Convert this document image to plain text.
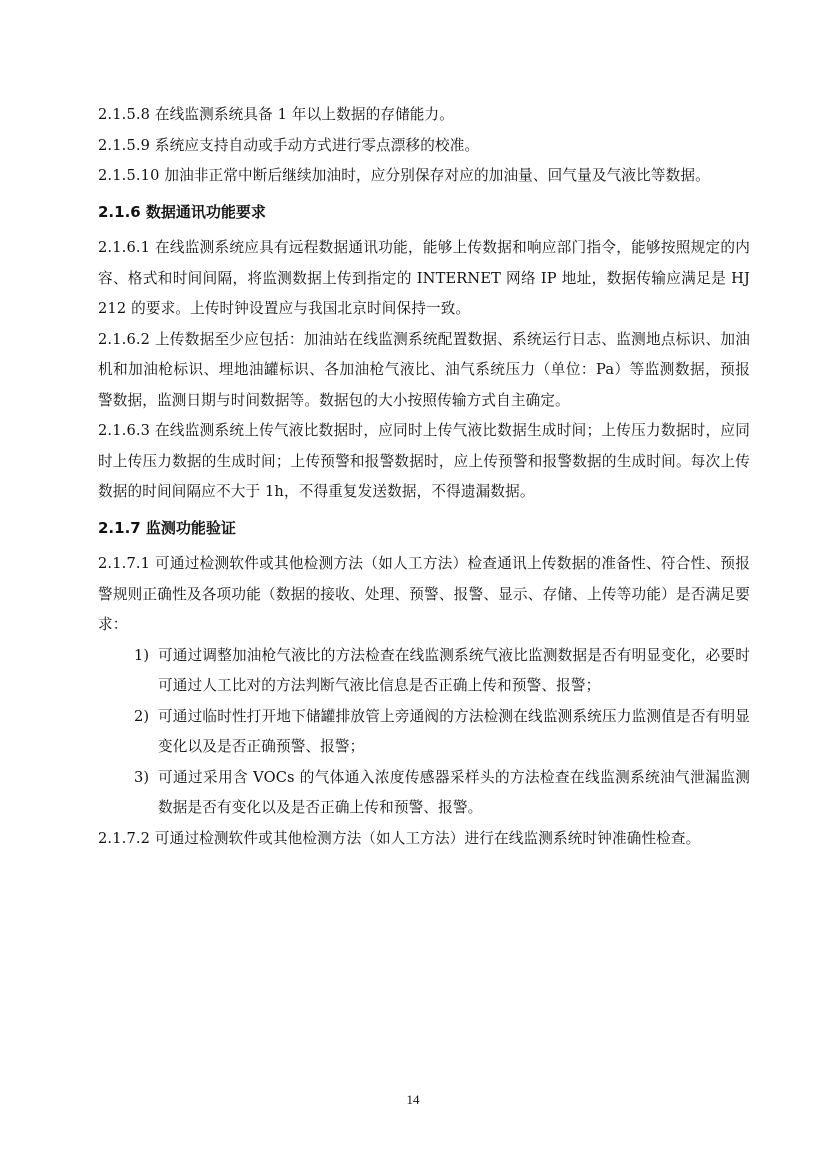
2.1.5.8 在线监测系统具备 1 年以上数据的存储能力。

2.1.5.9 系统应支持自动或手动方式进行零点漂移的校准。

2.1.5.10 加油非正常中断后继续加油时，应分别保存对应的加油量、回气量及气液比等数据。

2.1.6 数据通讯功能要求

2.1.6.1 在线监测系统应具有远程数据通讯功能，能够上传数据和响应部门指令，能够按照规定的内容、格式和时间间隔，将监测数据上传到指定的 INTERNET 网络 IP 地址，数据传输应满足是 HJ 212 的要求。上传时钟设置应与我国北京时间保持一致。

2.1.6.2 上传数据至少应包括：加油站在线监测系统配置数据、系统运行日志、监测地点标识、加油机和加油枪标识、埋地油罐标识、各加油枪气液比、油气系统压力（单位：Pa）等监测数据，预报警数据，监测日期与时间数据等。数据包的大小按照传输方式自主确定。

2.1.6.3 在线监测系统上传气液比数据时，应同时上传气液比数据生成时间；上传压力数据时，应同时上传压力数据的生成时间；上传预警和报警数据时，应上传预警和报警数据的生成时间。每次上传数据的时间间隔应不大于 1h，不得重复发送数据，不得遗漏数据。

2.1.7 监测功能验证

2.1.7.1 可通过检测软件或其他检测方法（如人工方法）检查通讯上传数据的准备性、符合性、预报警规则正确性及各项功能（数据的接收、处理、预警、报警、显示、存储、上传等功能）是否满足要求：

1) 可通过调整加油枪气液比的方法检查在线监测系统气液比监测数据是否有明显变化，必要时可通过人工比对的方法判断气液比信息是否正确上传和预警、报警；
2) 可通过临时性打开地下储罐排放管上旁通阀的方法检测在线监测系统压力监测值是否有明显变化以及是否正确预警、报警；
3) 可通过采用含 VOCs 的气体通入浓度传感器采样头的方法检查在线监测系统油气泄漏监测数据是否有变化以及是否正确上传和预警、报警。

2.1.7.2 可通过检测软件或其他检测方法（如人工方法）进行在线监测系统时钟准确性检查。

14
